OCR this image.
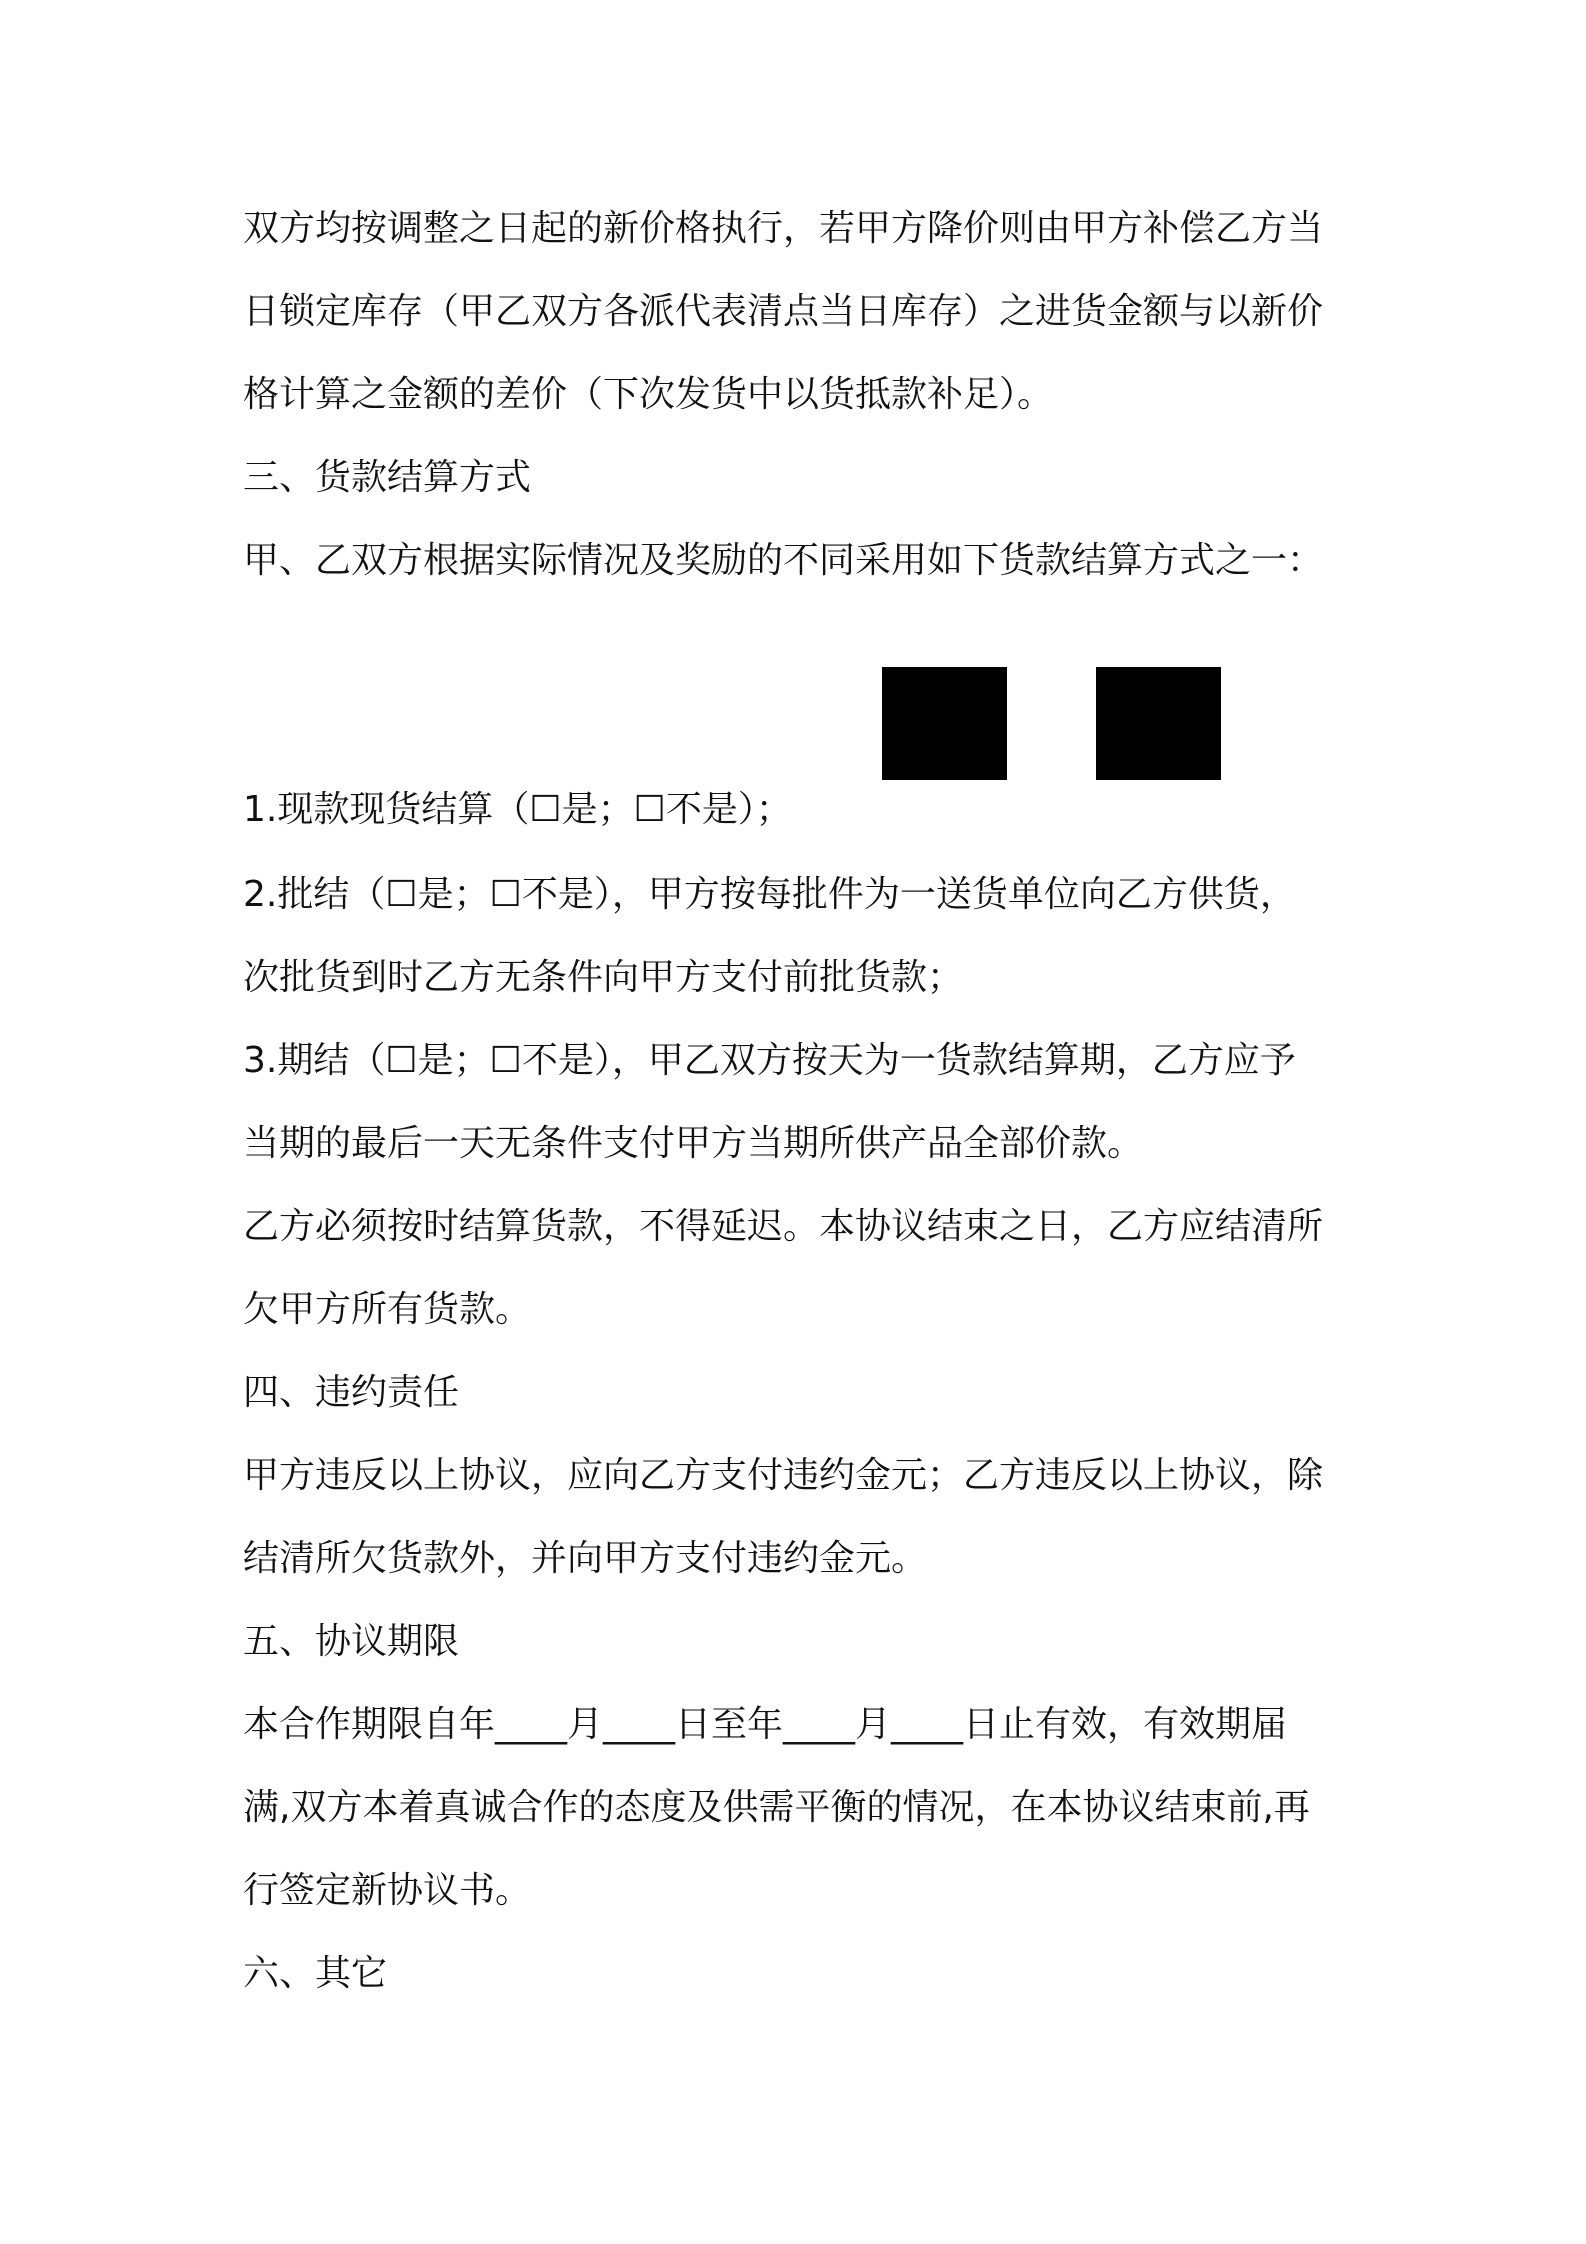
双方均按调整之日起的新价格执行，若甲方降价则由甲方补偿乙方当
日锁定库存（甲乙双方各派代表清点当日库存）之进货金额与以新价
格计算之金额的差价（下次发货中以货抵款补足）。
三、货款结算方式
甲、乙双方根据实际情况及奖励的不同采用如下货款结算方式之一：
1.现款现货结算（☐是；☐不是）；
2.批结（☐是；☐不是），甲方按每批件为一送货单位向乙方供货，
次批货到时乙方无条件向甲方支付前批货款；
3.期结（☐是；☐不是），甲乙双方按天为一货款结算期，乙方应予
当期的最后一天无条件支付甲方当期所供产品全部价款。
乙方必须按时结算货款，不得延迟。本协议结束之日，乙方应结清所
欠甲方所有货款。
四、违约责任
甲方违反以上协议，应向乙方支付违约金元；乙方违反以上协议，除
结清所欠货款外，并向甲方支付违约金元。
五、协议期限
本合作期限自年____月____日至年____月____日止有效，有效期届
满,双方本着真诚合作的态度及供需平衡的情况，在本协议结束前,再
行签定新协议书。
六、其它
